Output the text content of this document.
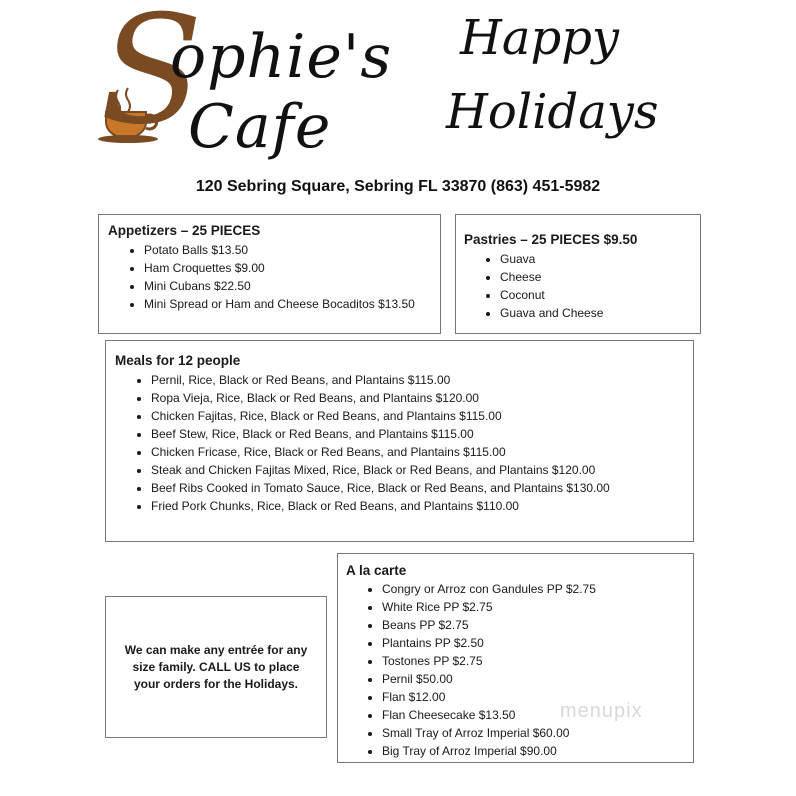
S
ophie's
Cafe
Happy
Holidays
120 Sebring Square, Sebring FL 33870 (863) 451-5982
Appetizers – 25 PIECES
• Potato Balls $13.50
• Ham Croquettes $9.00
• Mini Cubans $22.50
• Mini Spread or Ham and Cheese Bocaditos $13.50
Pastries – 25 PIECES $9.50
• Guava
• Cheese
• Coconut
• Guava and Cheese
Meals for 12 people
• Pernil, Rice, Black or Red Beans, and Plantains $115.00
• Ropa Vieja, Rice, Black or Red Beans, and Plantains $120.00
• Chicken Fajitas, Rice, Black or Red Beans, and Plantains $115.00
• Beef Stew, Rice, Black or Red Beans, and Plantains $115.00
• Chicken Fricase, Rice, Black or Red Beans, and Plantains $115.00
• Steak and Chicken Fajitas Mixed, Rice, Black or Red Beans, and Plantains $120.00
• Beef Ribs Cooked in Tomato Sauce, Rice, Black or Red Beans, and Plantains $130.00
• Fried Pork Chunks, Rice, Black or Red Beans, and Plantains $110.00
We can make any entrée for any size family. CALL US to place your orders for the Holidays.
A la carte
• Congry or Arroz con Gandules PP $2.75
• White Rice PP $2.75
• Beans PP $2.75
• Plantains PP $2.50
• Tostones PP $2.75
• Pernil $50.00
• Flan $12.00
• Flan Cheesecake $13.50
• Small Tray of Arroz Imperial $60.00
• Big Tray of Arroz Imperial $90.00
menupix
